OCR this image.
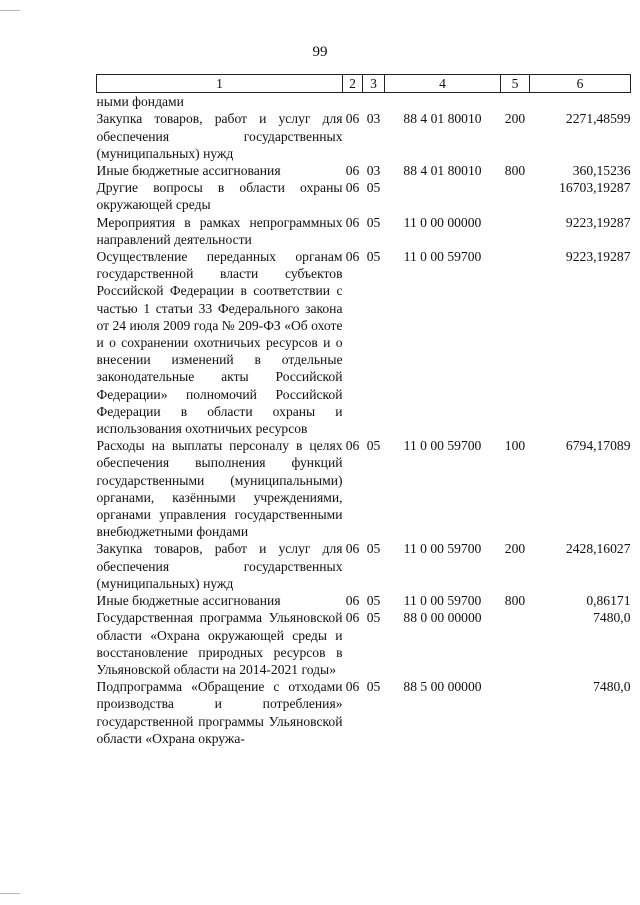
99
1	2	3	4	5	6
ными фондами					
Закупка товаров, работ и услуг для обеспечения государственных (муниципальных) нужд	06	03	88 4 01 80010	200	2271,48599
Иные бюджетные ассигнования	06	03	88 4 01 80010	800	360,15236
Другие вопросы в области охраны окружающей среды	06	05			16703,19287
Мероприятия в рамках непрограммных направлений деятельности	06	05	11 0 00 00000		9223,19287
Осуществление переданных органам государственной власти субъектов Российской Федерации в соответствии с частью 1 статьи 33 Федерального закона от 24 июля 2009 года № 209-ФЗ «Об охоте и о сохранении охотничьих ресурсов и о внесении изменений в отдельные законодательные акты Российской Федерации» полномочий Российской Федерации в области охраны и использования охотничьих ресурсов	06	05	11 0 00 59700		9223,19287
Расходы на выплаты персоналу в целях обеспечения выполнения функций государственными (муниципальными) органами, казёнными учреждениями, органами управления государственными внебюджетными фондами	06	05	11 0 00 59700	100	6794,17089
Закупка товаров, работ и услуг для обеспечения государственных (муниципальных) нужд	06	05	11 0 00 59700	200	2428,16027
Иные бюджетные ассигнования	06	05	11 0 00 59700	800	0,86171
Государственная программа Ульяновской области «Охрана окружающей среды и восстановление природных ресурсов в Ульяновской области на 2014-2021 годы»	06	05	88 0 00 00000		7480,0
Подпрограмма «Обращение с отходами производства и потребления» государственной программы Ульяновской области «Охрана окружа-	06	05	88 5 00 00000		7480,0
